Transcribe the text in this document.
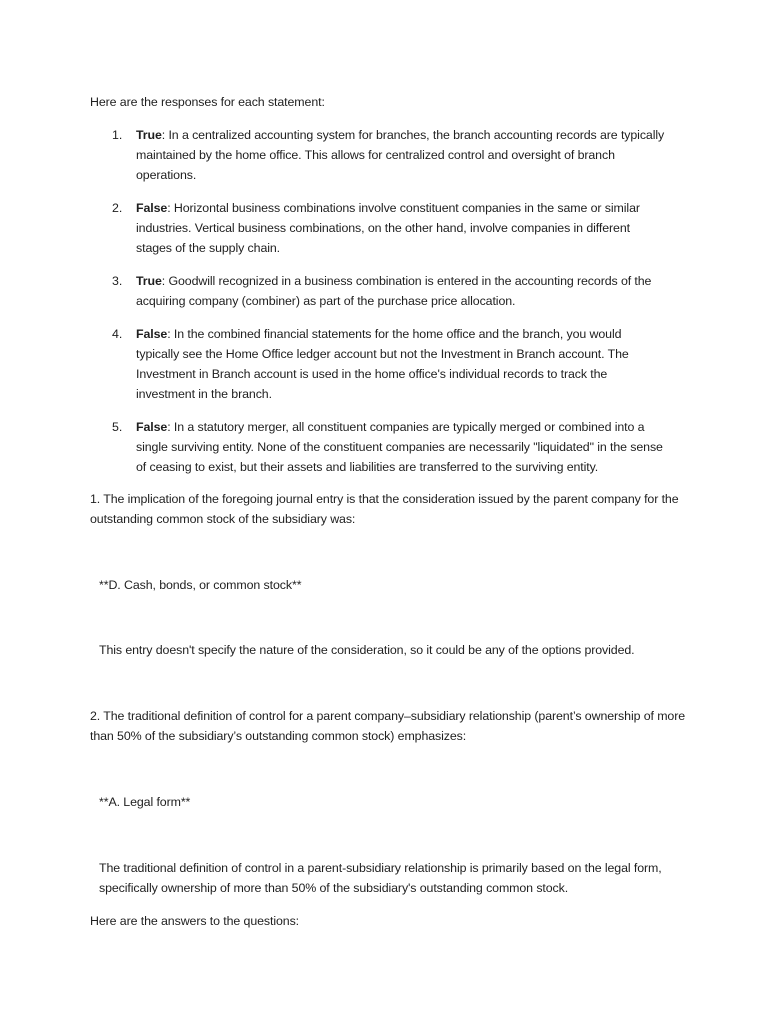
Here are the responses for each statement:
1. True: In a centralized accounting system for branches, the branch accounting records are typically maintained by the home office. This allows for centralized control and oversight of branch operations.
2. False: Horizontal business combinations involve constituent companies in the same or similar industries. Vertical business combinations, on the other hand, involve companies in different stages of the supply chain.
3. True: Goodwill recognized in a business combination is entered in the accounting records of the acquiring company (combiner) as part of the purchase price allocation.
4. False: In the combined financial statements for the home office and the branch, you would typically see the Home Office ledger account but not the Investment in Branch account. The Investment in Branch account is used in the home office's individual records to track the investment in the branch.
5. False: In a statutory merger, all constituent companies are typically merged or combined into a single surviving entity. None of the constituent companies are necessarily "liquidated" in the sense of ceasing to exist, but their assets and liabilities are transferred to the surviving entity.
1. The implication of the foregoing journal entry is that the consideration issued by the parent company for the outstanding common stock of the subsidiary was:
**D. Cash, bonds, or common stock**
This entry doesn't specify the nature of the consideration, so it could be any of the options provided.
2. The traditional definition of control for a parent company–subsidiary relationship (parent’s ownership of more than 50% of the subsidiary’s outstanding common stock) emphasizes:
**A. Legal form**
The traditional definition of control in a parent-subsidiary relationship is primarily based on the legal form, specifically ownership of more than 50% of the subsidiary's outstanding common stock.
Here are the answers to the questions:
